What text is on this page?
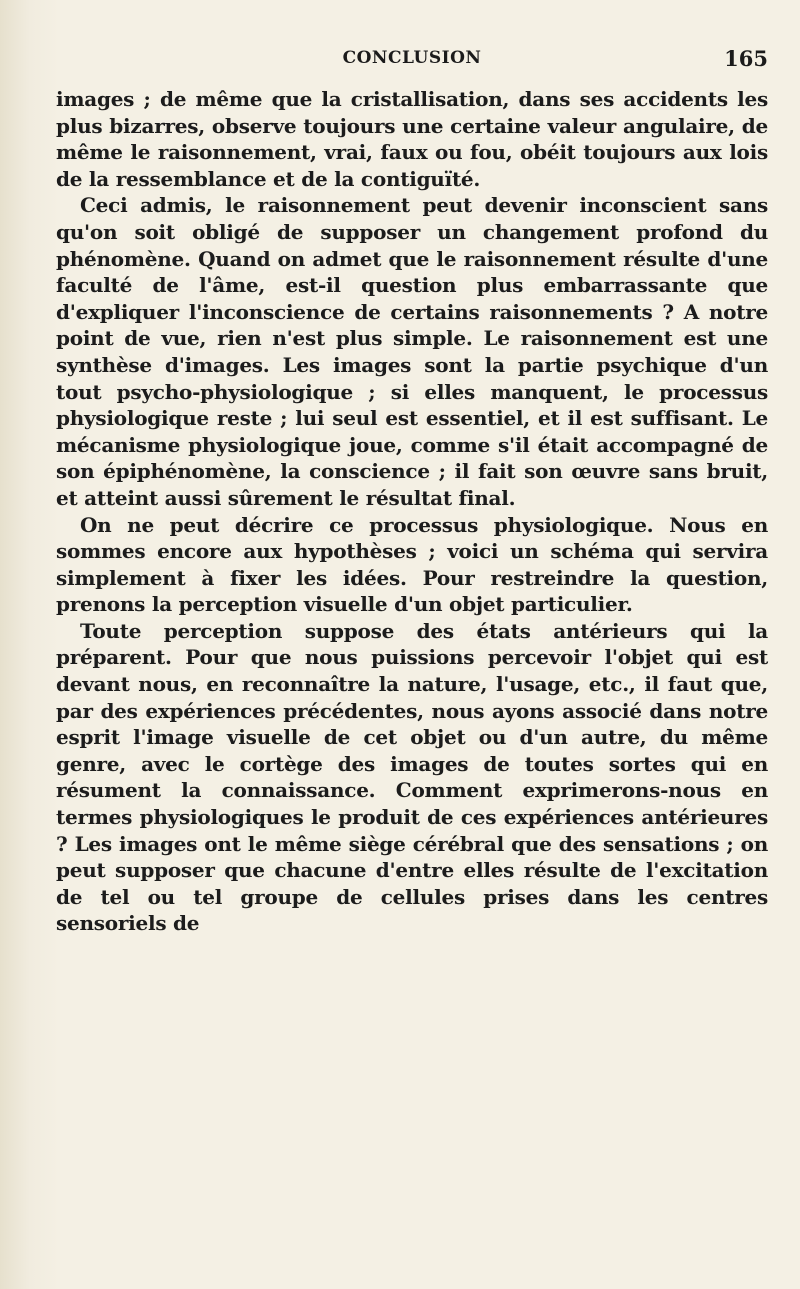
CONCLUSION	165

images ; de même que la cristallisation, dans ses accidents les plus bizarres, observe toujours une certaine valeur angulaire, de même le raisonnement, vrai, faux ou fou, obéit toujours aux lois de la ressemblance et de la contiguïté.

Ceci admis, le raisonnement peut devenir inconscient sans qu'on soit obligé de supposer un changement profond du phénomène. Quand on admet que le raisonnement résulte d'une faculté de l'âme, est-il question plus embarrassante que d'expliquer l'inconscience de certains raisonnements ? A notre point de vue, rien n'est plus simple. Le raisonnement est une synthèse d'images. Les images sont la partie psychique d'un tout psycho-physiologique ; si elles manquent, le processus physiologique reste ; lui seul est essentiel, et il est suffisant. Le mécanisme physiologique joue, comme s'il était accompagné de son épiphénomène, la conscience ; il fait son œuvre sans bruit, et atteint aussi sûrement le résultat final.

On ne peut décrire ce processus physiologique. Nous en sommes encore aux hypothèses ; voici un schéma qui servira simplement à fixer les idées. Pour restreindre la question, prenons la perception visuelle d'un objet particulier.

Toute perception suppose des états antérieurs qui la préparent. Pour que nous puissions percevoir l'objet qui est devant nous, en reconnaître la nature, l'usage, etc., il faut que, par des expériences précédentes, nous ayons associé dans notre esprit l'image visuelle de cet objet ou d'un autre, du même genre, avec le cortège des images de toutes sortes qui en résument la connaissance. Comment exprimerons-nous en termes physiologiques le produit de ces expériences antérieures ? Les images ont le même siège cérébral que des sensations ; on peut supposer que chacune d'entre elles résulte de l'excitation de tel ou tel groupe de cellules prises dans les centres sensoriels de
